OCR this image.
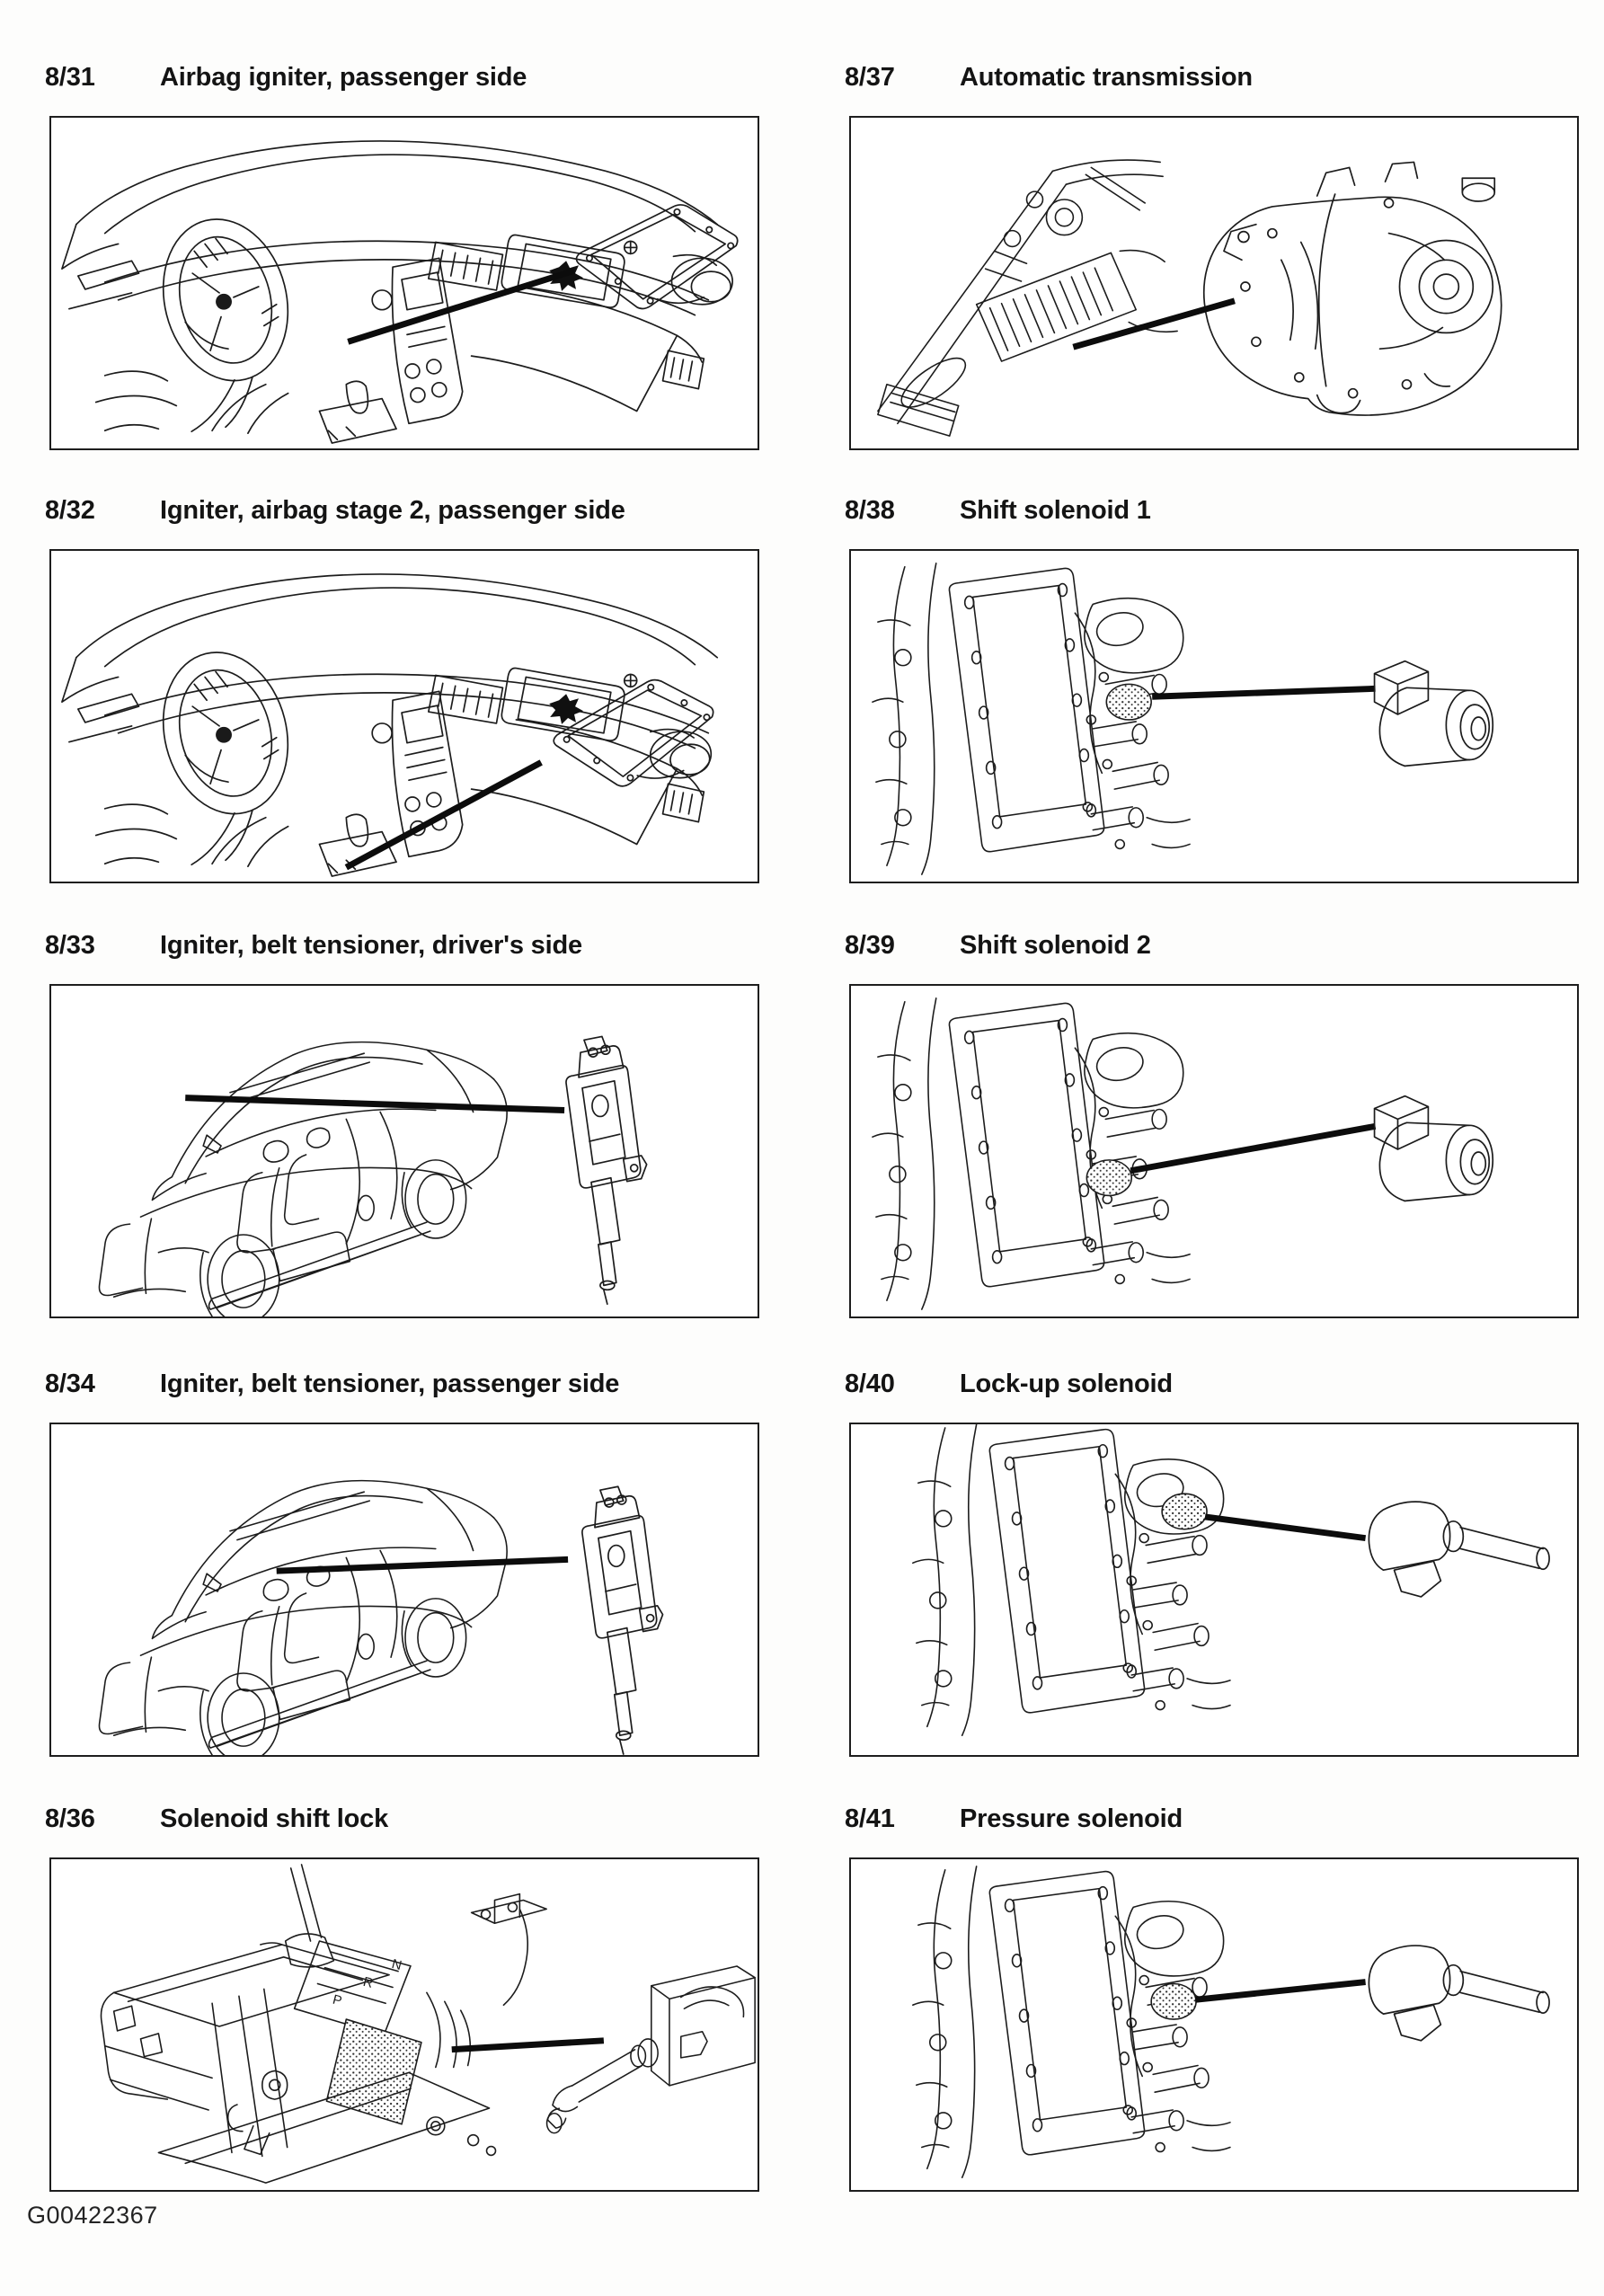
8/31	Airbag igniter, passenger side	8/37	Automatic transmission
8/32	Igniter, airbag stage 2, passenger side	8/38	Shift solenoid 1
8/33	Igniter, belt tensioner, driver's side	8/39	Shift solenoid 2
8/34	Igniter, belt tensioner, passenger side	8/40	Lock-up solenoid
8/36	Solenoid shift lock	8/41	Pressure solenoid
G00422367
